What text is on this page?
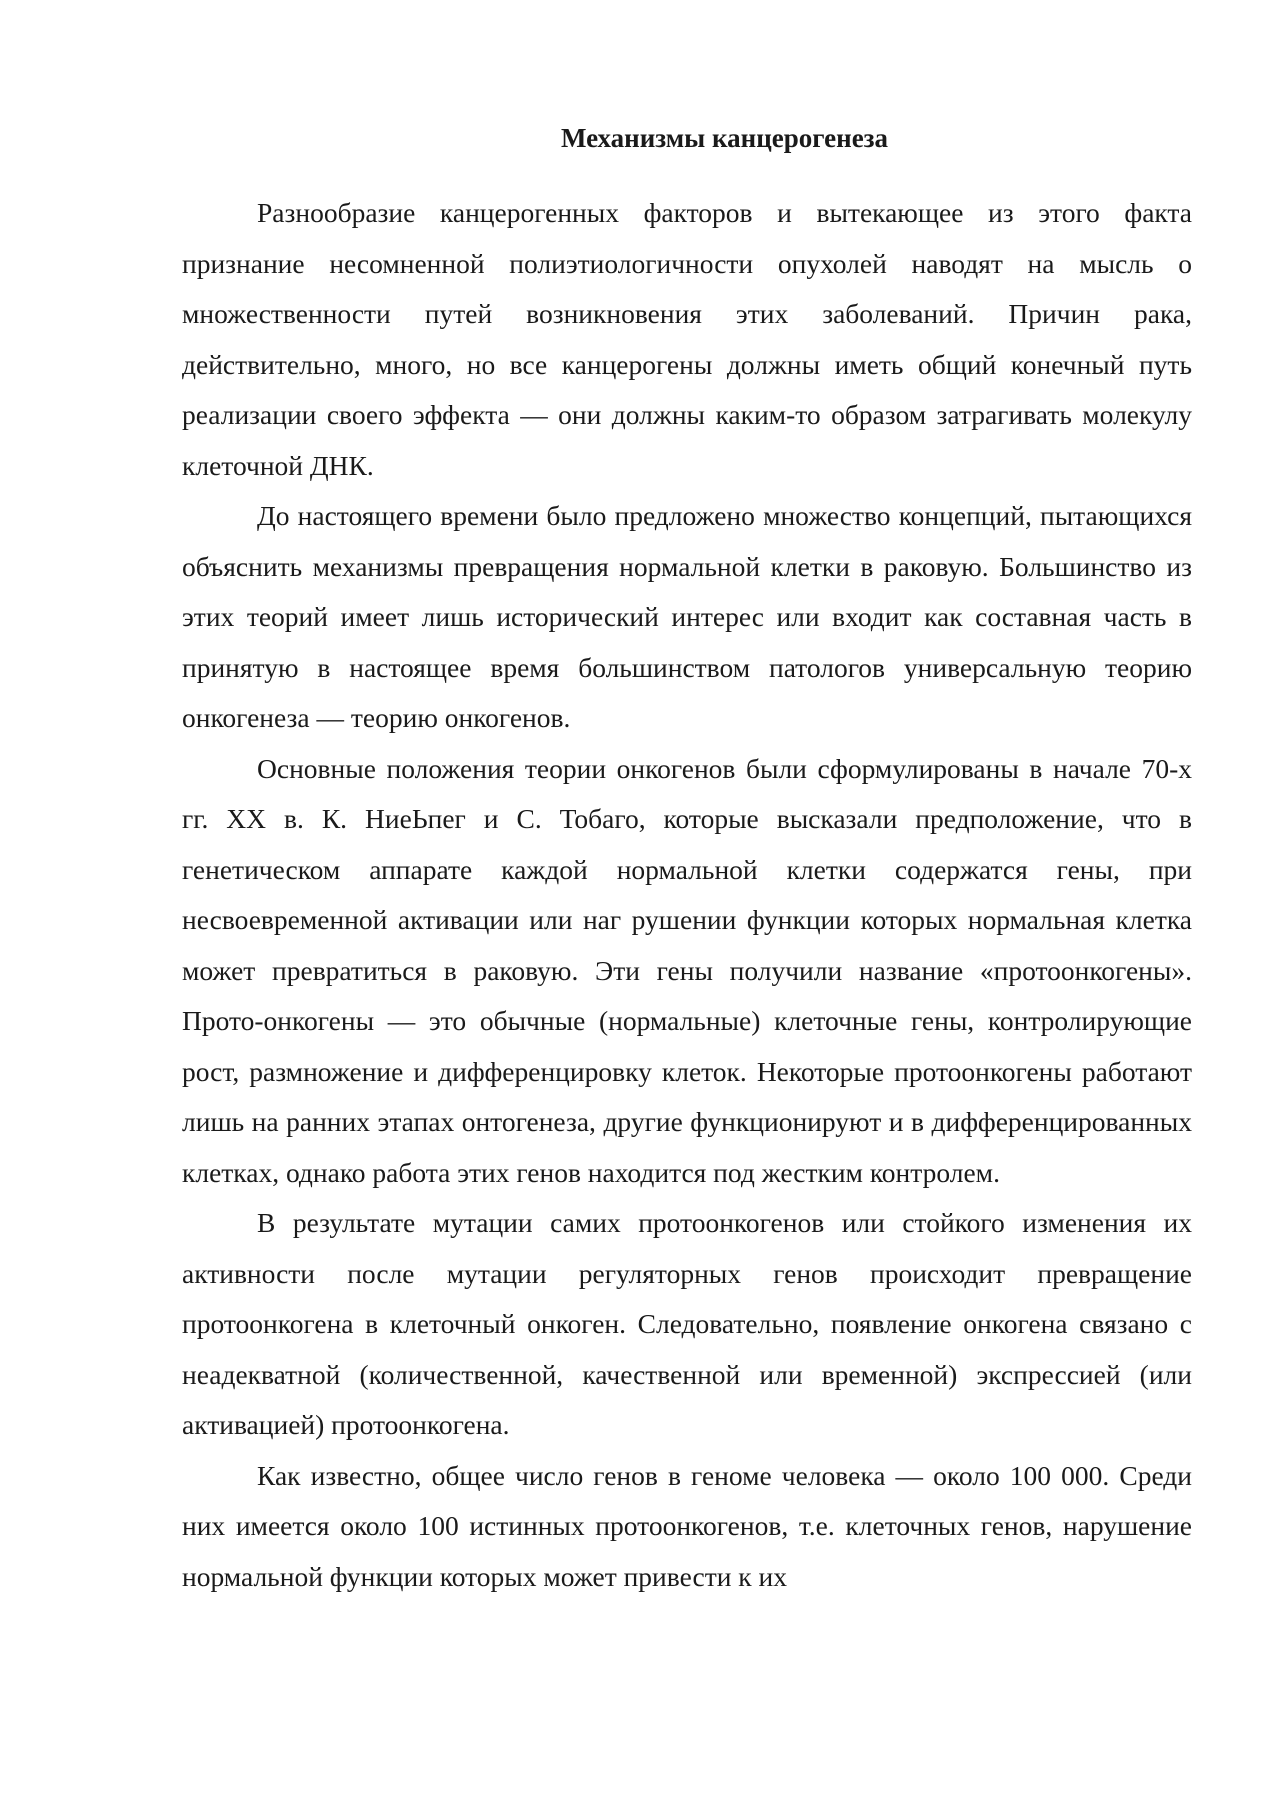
Механизмы канцерогенеза

Разнообразие канцерогенных факторов и вытекающее из этого факта признание несомненной полиэтиологичности опухолей наводят на мысль о множественности путей возникновения этих заболеваний. Причин рака, действительно, много, но все канцерогены должны иметь общий конечный путь реализации своего эффекта — они должны каким-то образом затрагивать молекулу клеточной ДНК.

До настоящего времени было предложено множество концепций, пытающихся объяснить механизмы превращения нормальной клетки в раковую. Большинство из этих теорий имеет лишь исторический интерес или входит как составная часть в принятую в настоящее время большинством патологов универсальную теорию онкогенеза — теорию онкогенов.

Основные положения теории онкогенов были сформулированы в начале 70-х гг. XX в. К. НиеЬпег и С. Тобаго, которые высказали предположение, что в генетическом аппарате каждой нормальной клетки содержатся гены, при несвоевременной активации или наг рушении функции которых нормальная клетка может превратиться в раковую. Эти гены получили название «протоонкогены». Прото-онкогены — это обычные (нормальные) клеточные гены, контролирующие рост, размножение и дифференцировку клеток. Некоторые протоонкогены работают лишь на ранних этапах онтогенеза, другие функционируют и в дифференцированных клетках, однако работа этих генов находится под жестким контролем.

В результате мутации самих протоонкогенов или стойкого изменения их активности после мутации регуляторных генов происходит превращение протоонкогена в клеточный онкоген. Следовательно, появление онкогена связано с неадекватной (количественной, качественной или временной) экспрессией (или активацией) протоонкогена.

Как известно, общее число генов в геноме человека — около 100 000. Среди них имеется около 100 истинных протоонкогенов, т.е. клеточных генов, нарушение нормальной функции которых может привести к их
